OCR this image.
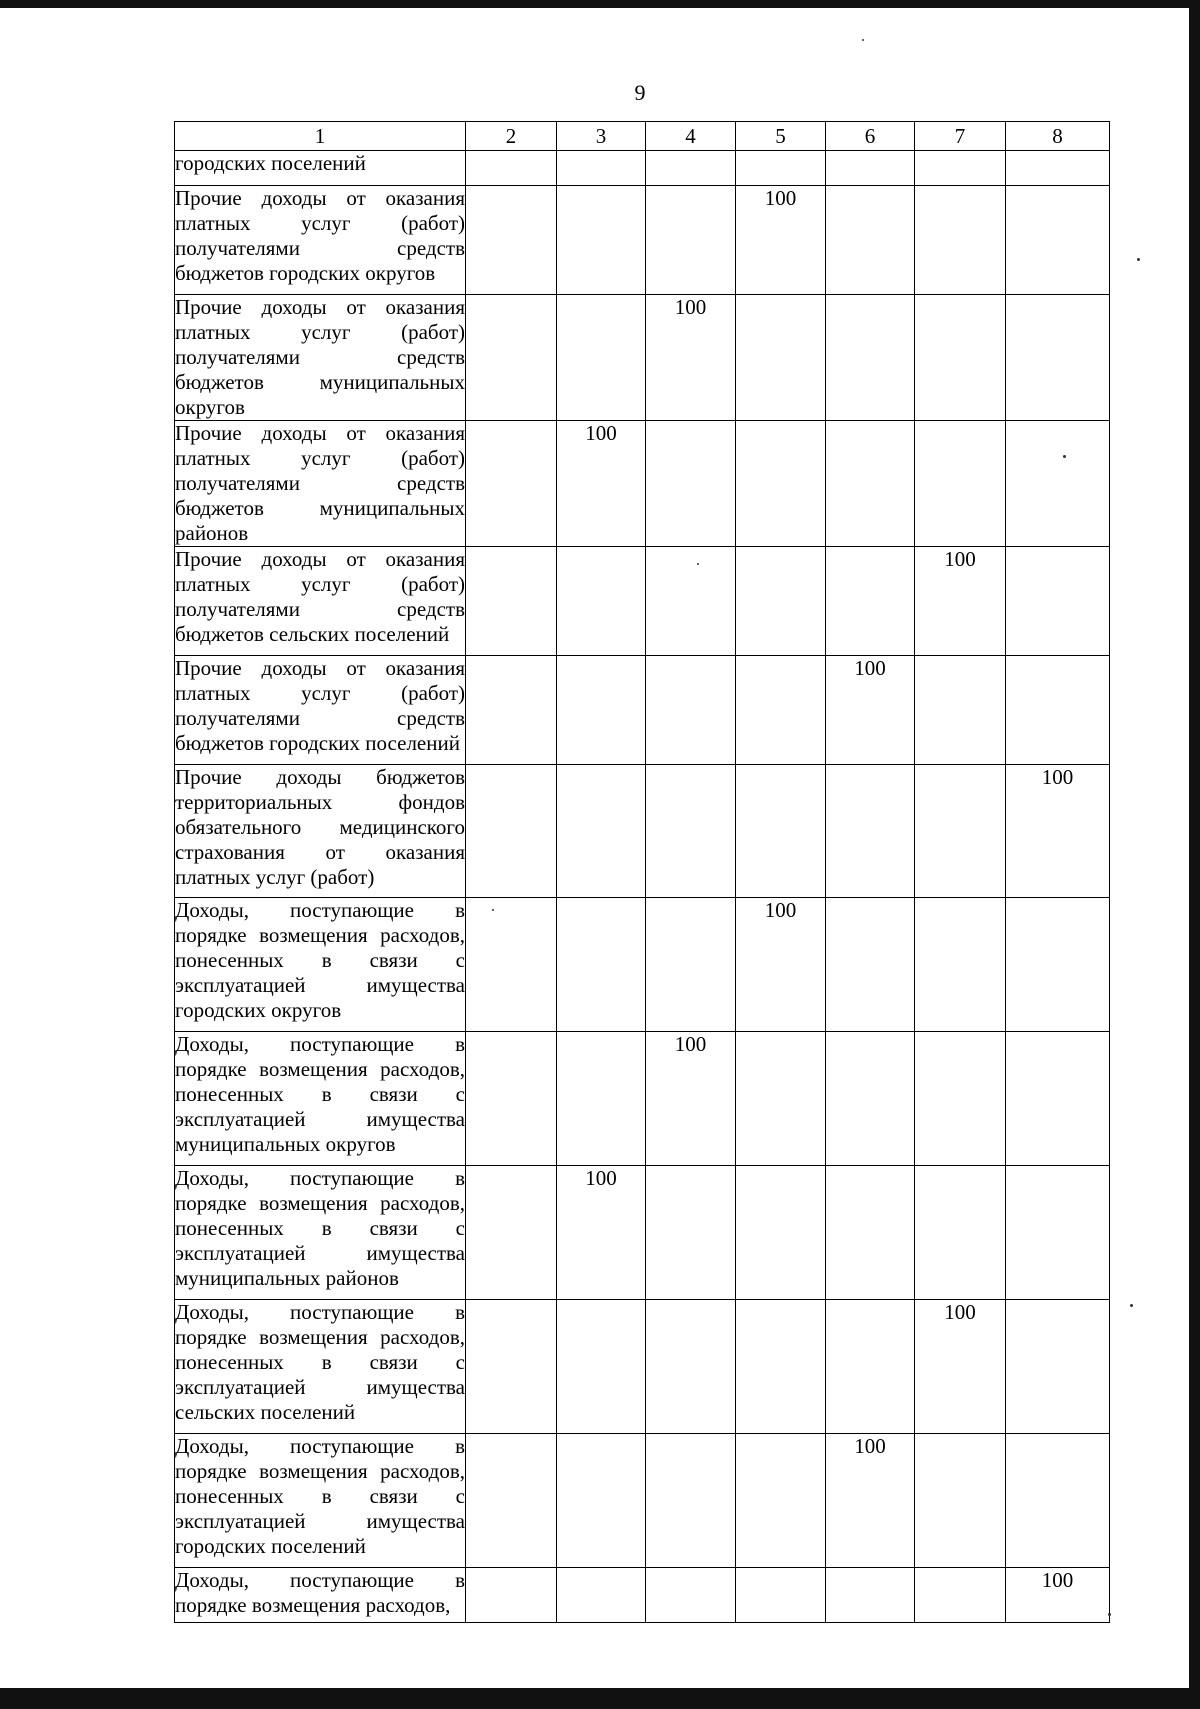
9
1	2	3	4	5	6	7	8
городских поселений							
Прочие доходы от оказания платных услуг (работ) получателями средств бюджетов городских округов				100			
Прочие доходы от оказания платных услуг (работ) получателями средств бюджетов муниципальных округов			100				
Прочие доходы от оказания платных услуг (работ) получателями средств бюджетов муниципальных районов		100					
Прочие доходы от оказания платных услуг (работ) получателями средств бюджетов сельских поселений						100	
Прочие доходы от оказания платных услуг (работ) получателями средств бюджетов городских поселений					100		
Прочие доходы бюджетов территориальных фондов обязательного медицинского страхования от оказания платных услуг (работ)							100
Доходы, поступающие в порядке возмещения расходов, понесенных в связи с эксплуатацией имущества городских округов				100			
Доходы, поступающие в порядке возмещения расходов, понесенных в связи с эксплуатацией имущества муниципальных округов			100				
Доходы, поступающие в порядке возмещения расходов, понесенных в связи с эксплуатацией имущества муниципальных районов		100					
Доходы, поступающие в порядке возмещения расходов, понесенных в связи с эксплуатацией имущества сельских поселений						100	
Доходы, поступающие в порядке возмещения расходов, понесенных в связи с эксплуатацией имущества городских поселений					100		
Доходы, поступающие в порядке возмещения расходов,							100
